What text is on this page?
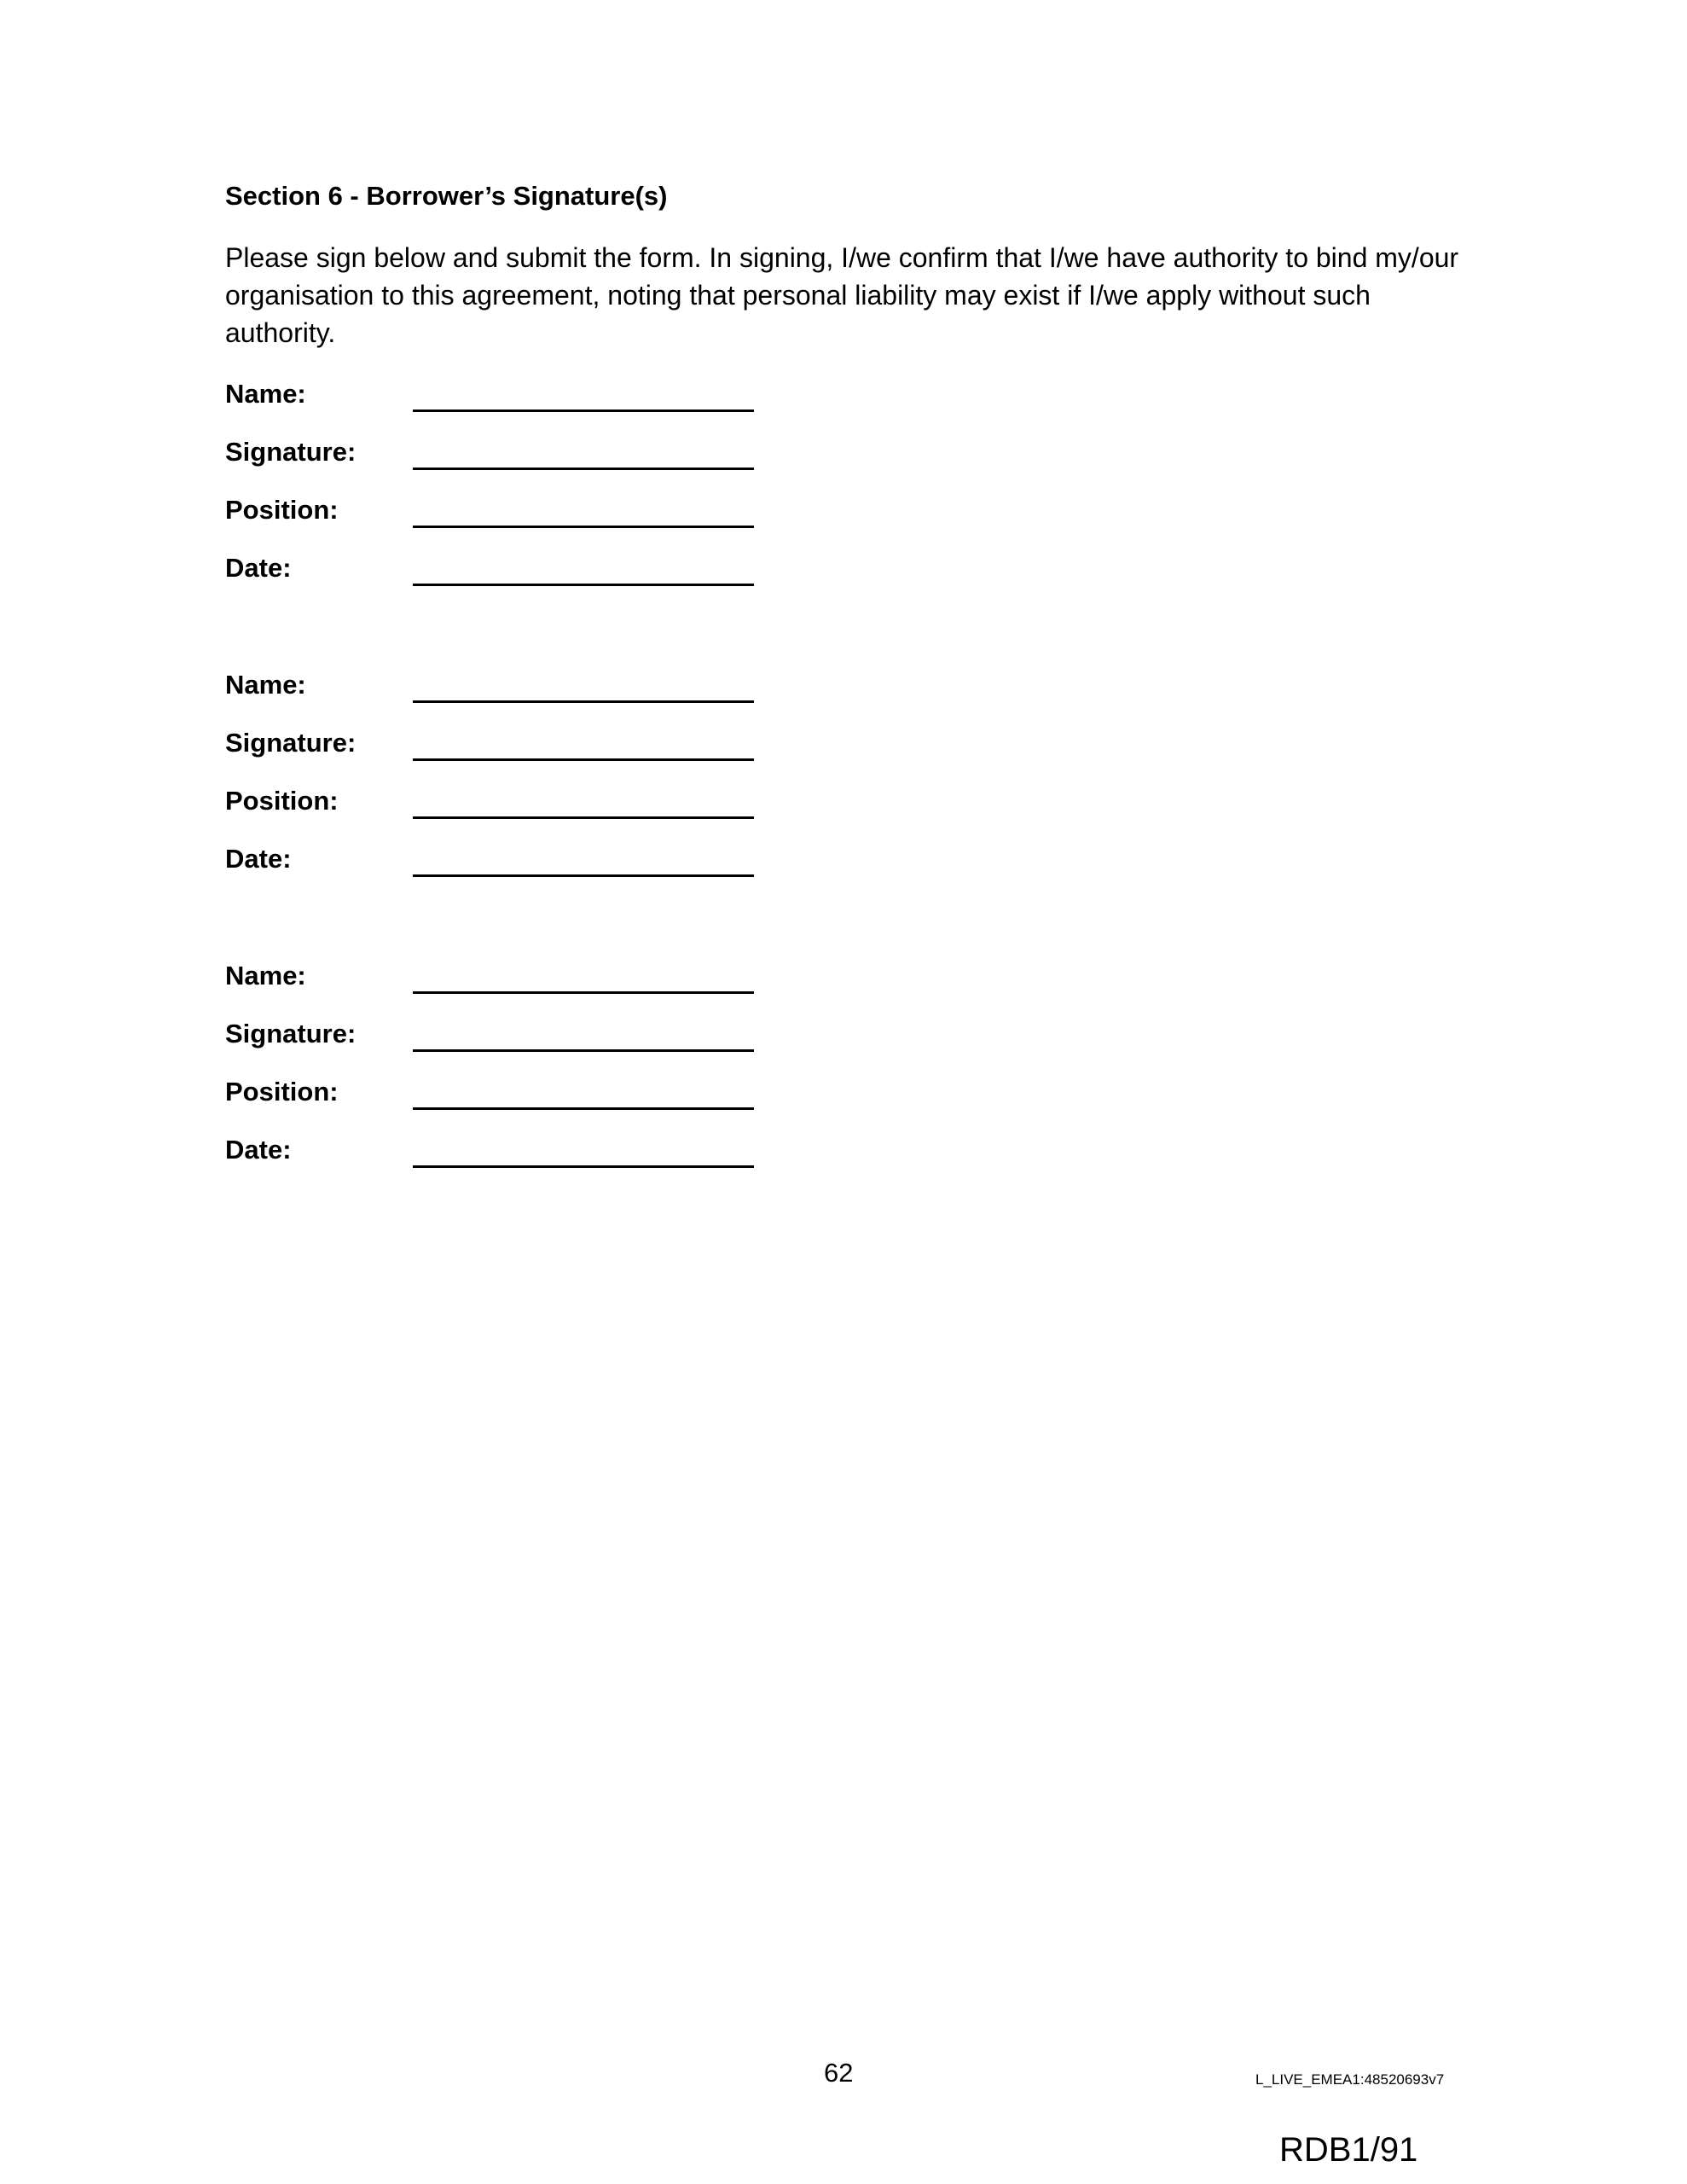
Section 6 - Borrower’s Signature(s)

Please sign below and submit the form. In signing, I/we confirm that I/we have authority to bind my/our
organisation to this agreement, noting that personal liability may exist if I/we apply without such
authority.

Name:
Signature:
Position:
Date:
Name:
Signature:
Position:
Date:
Name:
Signature:
Position:
Date:
62	L_LIVE_EMEA1:48520693v7
RDB1/91
